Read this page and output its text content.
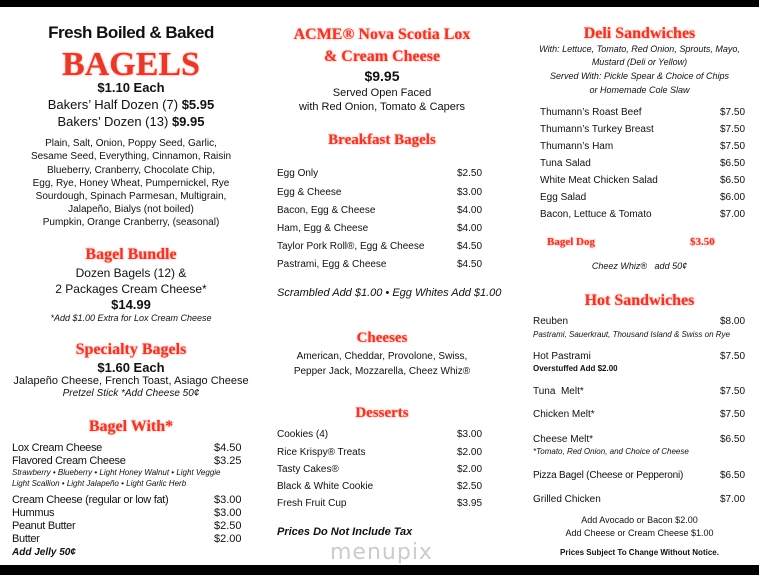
Fresh Boiled & Baked
BAGELS
$1.10 Each
Bakers’ Half Dozen (7) $5.95
Bakers’ Dozen (13) $9.95
Plain, Salt, Onion, Poppy Seed, Garlic,
Sesame Seed, Everything, Cinnamon, Raisin
Blueberry, Cranberry, Chocolate Chip,
Egg, Rye, Honey Wheat, Pumpernickel, Rye
Sourdough, Spinach Parmesan, Multigrain,
Jalapeño, Bialys (not boiled)
Pumpkin, Orange Cranberry, (seasonal)
Bagel Bundle
Dozen Bagels (12) &
2 Packages Cream Cheese*
$14.99
*Add $1.00 Extra for Lox Cream Cheese
Specialty Bagels
$1.60 Each
Jalapeño Cheese, French Toast, Asiago Cheese
Pretzel Stick *Add Cheese 50¢
Bagel With*
Lox Cream Cheese	$4.50
Flavored Cream Cheese	$3.25
Strawberry • Blueberry • Light Honey Walnut • Light Veggie
Light Scallion • Light Jalapeño • Light Garlic Herb
Cream Cheese (regular or low fat)	$3.00
Hummus	$3.00
Peanut Butter	$2.50
Butter	$2.00
Add Jelly 50¢
ACME® Nova Scotia Lox
& Cream Cheese
$9.95
Served Open Faced
with Red Onion, Tomato & Capers
Breakfast Bagels
Egg Only	$2.50
Egg & Cheese	$3.00
Bacon, Egg & Cheese	$4.00
Ham, Egg & Cheese	$4.00
Taylor Pork Roll®, Egg & Cheese	$4.50
Pastrami, Egg & Cheese	$4.50
Scrambled Add $1.00 • Egg Whites Add $1.00
Cheeses
American, Cheddar, Provolone, Swiss,
Pepper Jack, Mozzarella, Cheez Whiz®
Desserts
Cookies (4)	$3.00
Rice Krispy® Treats	$2.00
Tasty Cakes®	$2.00
Black & White Cookie	$2.50
Fresh Fruit Cup	$3.95
Prices Do Not Include Tax
menupix
Deli Sandwiches
With: Lettuce, Tomato, Red Onion, Sprouts, Mayo,
Mustard (Deli or Yellow)
Served With: Pickle Spear & Choice of Chips
or Homemade Cole Slaw
Thumann’s Roast Beef	$7.50
Thumann’s Turkey Breast	$7.50
Thumann’s Ham	$7.50
Tuna Salad	$6.50
White Meat Chicken Salad	$6.50
Egg Salad	$6.00
Bacon, Lettuce & Tomato	$7.00
Bagel Dog	$3.50
Cheez Whiz®   add 50¢
Hot Sandwiches
Reuben	$8.00
Pastrami, Sauerkraut, Thousand Island & Swiss on Rye
Hot Pastrami	$7.50
Overstuffed Add $2.00
Tuna  Melt*	$7.50
Chicken Melt*	$7.50
Cheese Melt*	$6.50
*Tomato, Red Onion, and Choice of Cheese
Pizza Bagel (Cheese or Pepperoni)	$6.50
Grilled Chicken	$7.00
Add Avocado or Bacon $2.00
Add Cheese or Cream Cheese $1.00
Prices Subject To Change Without Notice.
